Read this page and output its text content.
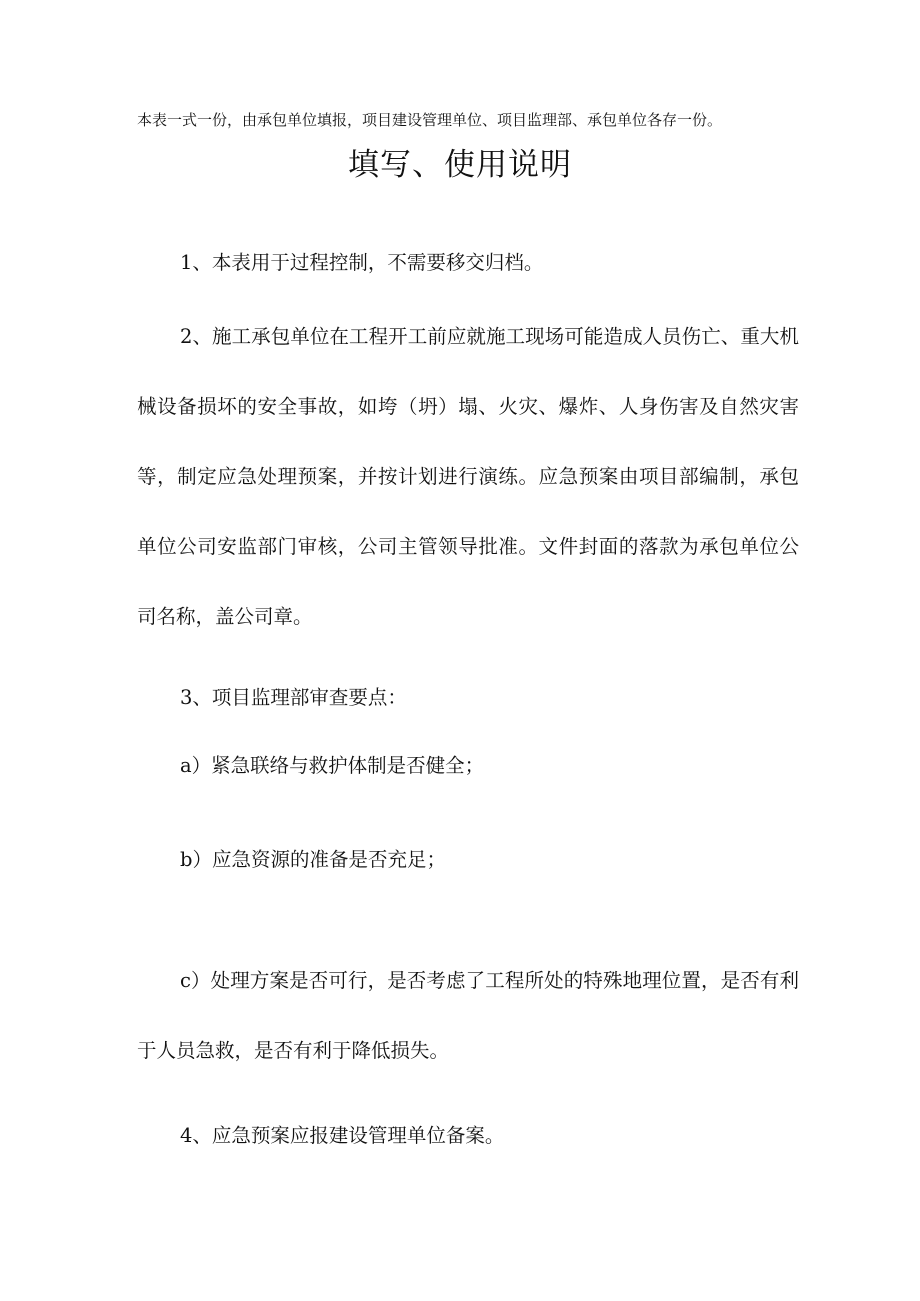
本表一式一份，由承包单位填报，项目建设管理单位、项目监理部、承包单位各存一份。
填写、使用说明

1、本表用于过程控制，不需要移交归档。

2、施工承包单位在工程开工前应就施工现场可能造成人员伤亡、重大机械设备损坏的安全事故，如垮（坍）塌、火灾、爆炸、人身伤害及自然灾害等，制定应急处理预案，并按计划进行演练。应急预案由项目部编制，承包单位公司安监部门审核，公司主管领导批准。文件封面的落款为承包单位公司名称，盖公司章。

3、项目监理部审查要点：

a）紧急联络与救护体制是否健全；

b）应急资源的准备是否充足；

c）处理方案是否可行，是否考虑了工程所处的特殊地理位置，是否有利于人员急救，是否有利于降低损失。

4、应急预案应报建设管理单位备案。
